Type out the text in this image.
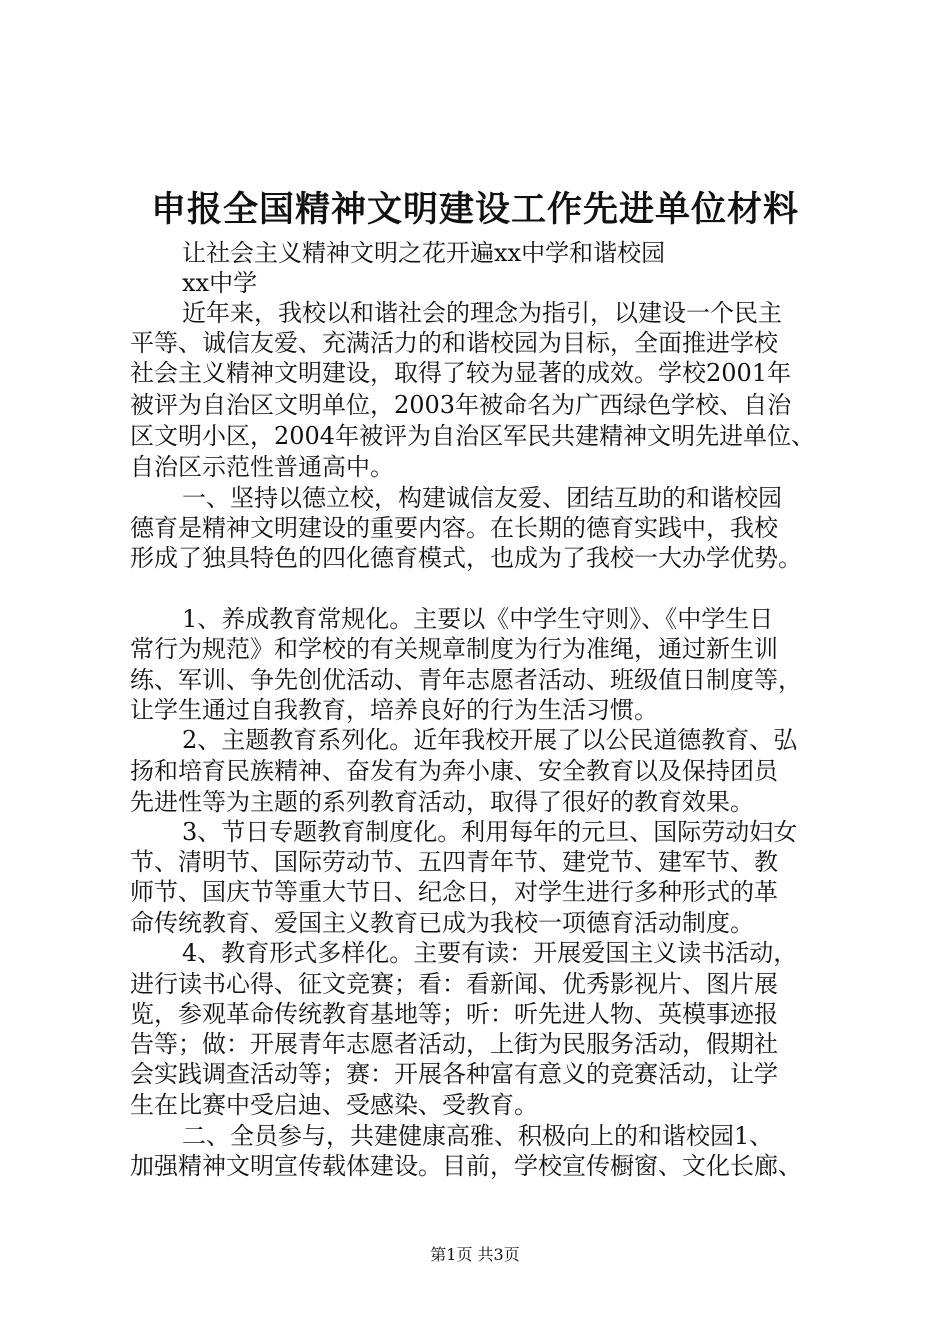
申报全国精神文明建设工作先进单位材料
让社会主义精神文明之花开遍xx中学和谐校园
xx中学
近年来，我校以和谐社会的理念为指引，以建设一个民主
平等、诚信友爱、充满活力的和谐校园为目标，全面推进学校
社会主义精神文明建设，取得了较为显著的成效。学校2001年
被评为自治区文明单位，2003年被命名为广西绿色学校、自治
区文明小区，2004年被评为自治区军民共建精神文明先进单位、
自治区示范性普通高中。
一、坚持以德立校，构建诚信友爱、团结互助的和谐校园
德育是精神文明建设的重要内容。在长期的德育实践中，我校
形成了独具特色的四化德育模式，也成为了我校一大办学优势。
1、养成教育常规化。主要以《中学生守则》、《中学生日
常行为规范》和学校的有关规章制度为行为准绳，通过新生训
练、军训、争先创优活动、青年志愿者活动、班级值日制度等，
让学生通过自我教育，培养良好的行为生活习惯。
2、主题教育系列化。近年我校开展了以公民道德教育、弘
扬和培育民族精神、奋发有为奔小康、安全教育以及保持团员
先进性等为主题的系列教育活动，取得了很好的教育效果。
3、节日专题教育制度化。利用每年的元旦、国际劳动妇女
节、清明节、国际劳动节、五四青年节、建党节、建军节、教
师节、国庆节等重大节日、纪念日，对学生进行多种形式的革
命传统教育、爱国主义教育已成为我校一项德育活动制度。
4、教育形式多样化。主要有读：开展爱国主义读书活动，
进行读书心得、征文竞赛；看：看新闻、优秀影视片、图片展
览，参观革命传统教育基地等；听：听先进人物、英模事迹报
告等；做：开展青年志愿者活动，上街为民服务活动，假期社
会实践调查活动等；赛：开展各种富有意义的竞赛活动，让学
生在比赛中受启迪、受感染、受教育。
二、全员参与，共建健康高雅、积极向上的和谐校园1、
加强精神文明宣传载体建设。目前，学校宣传橱窗、文化长廊、
第1页 共3页
